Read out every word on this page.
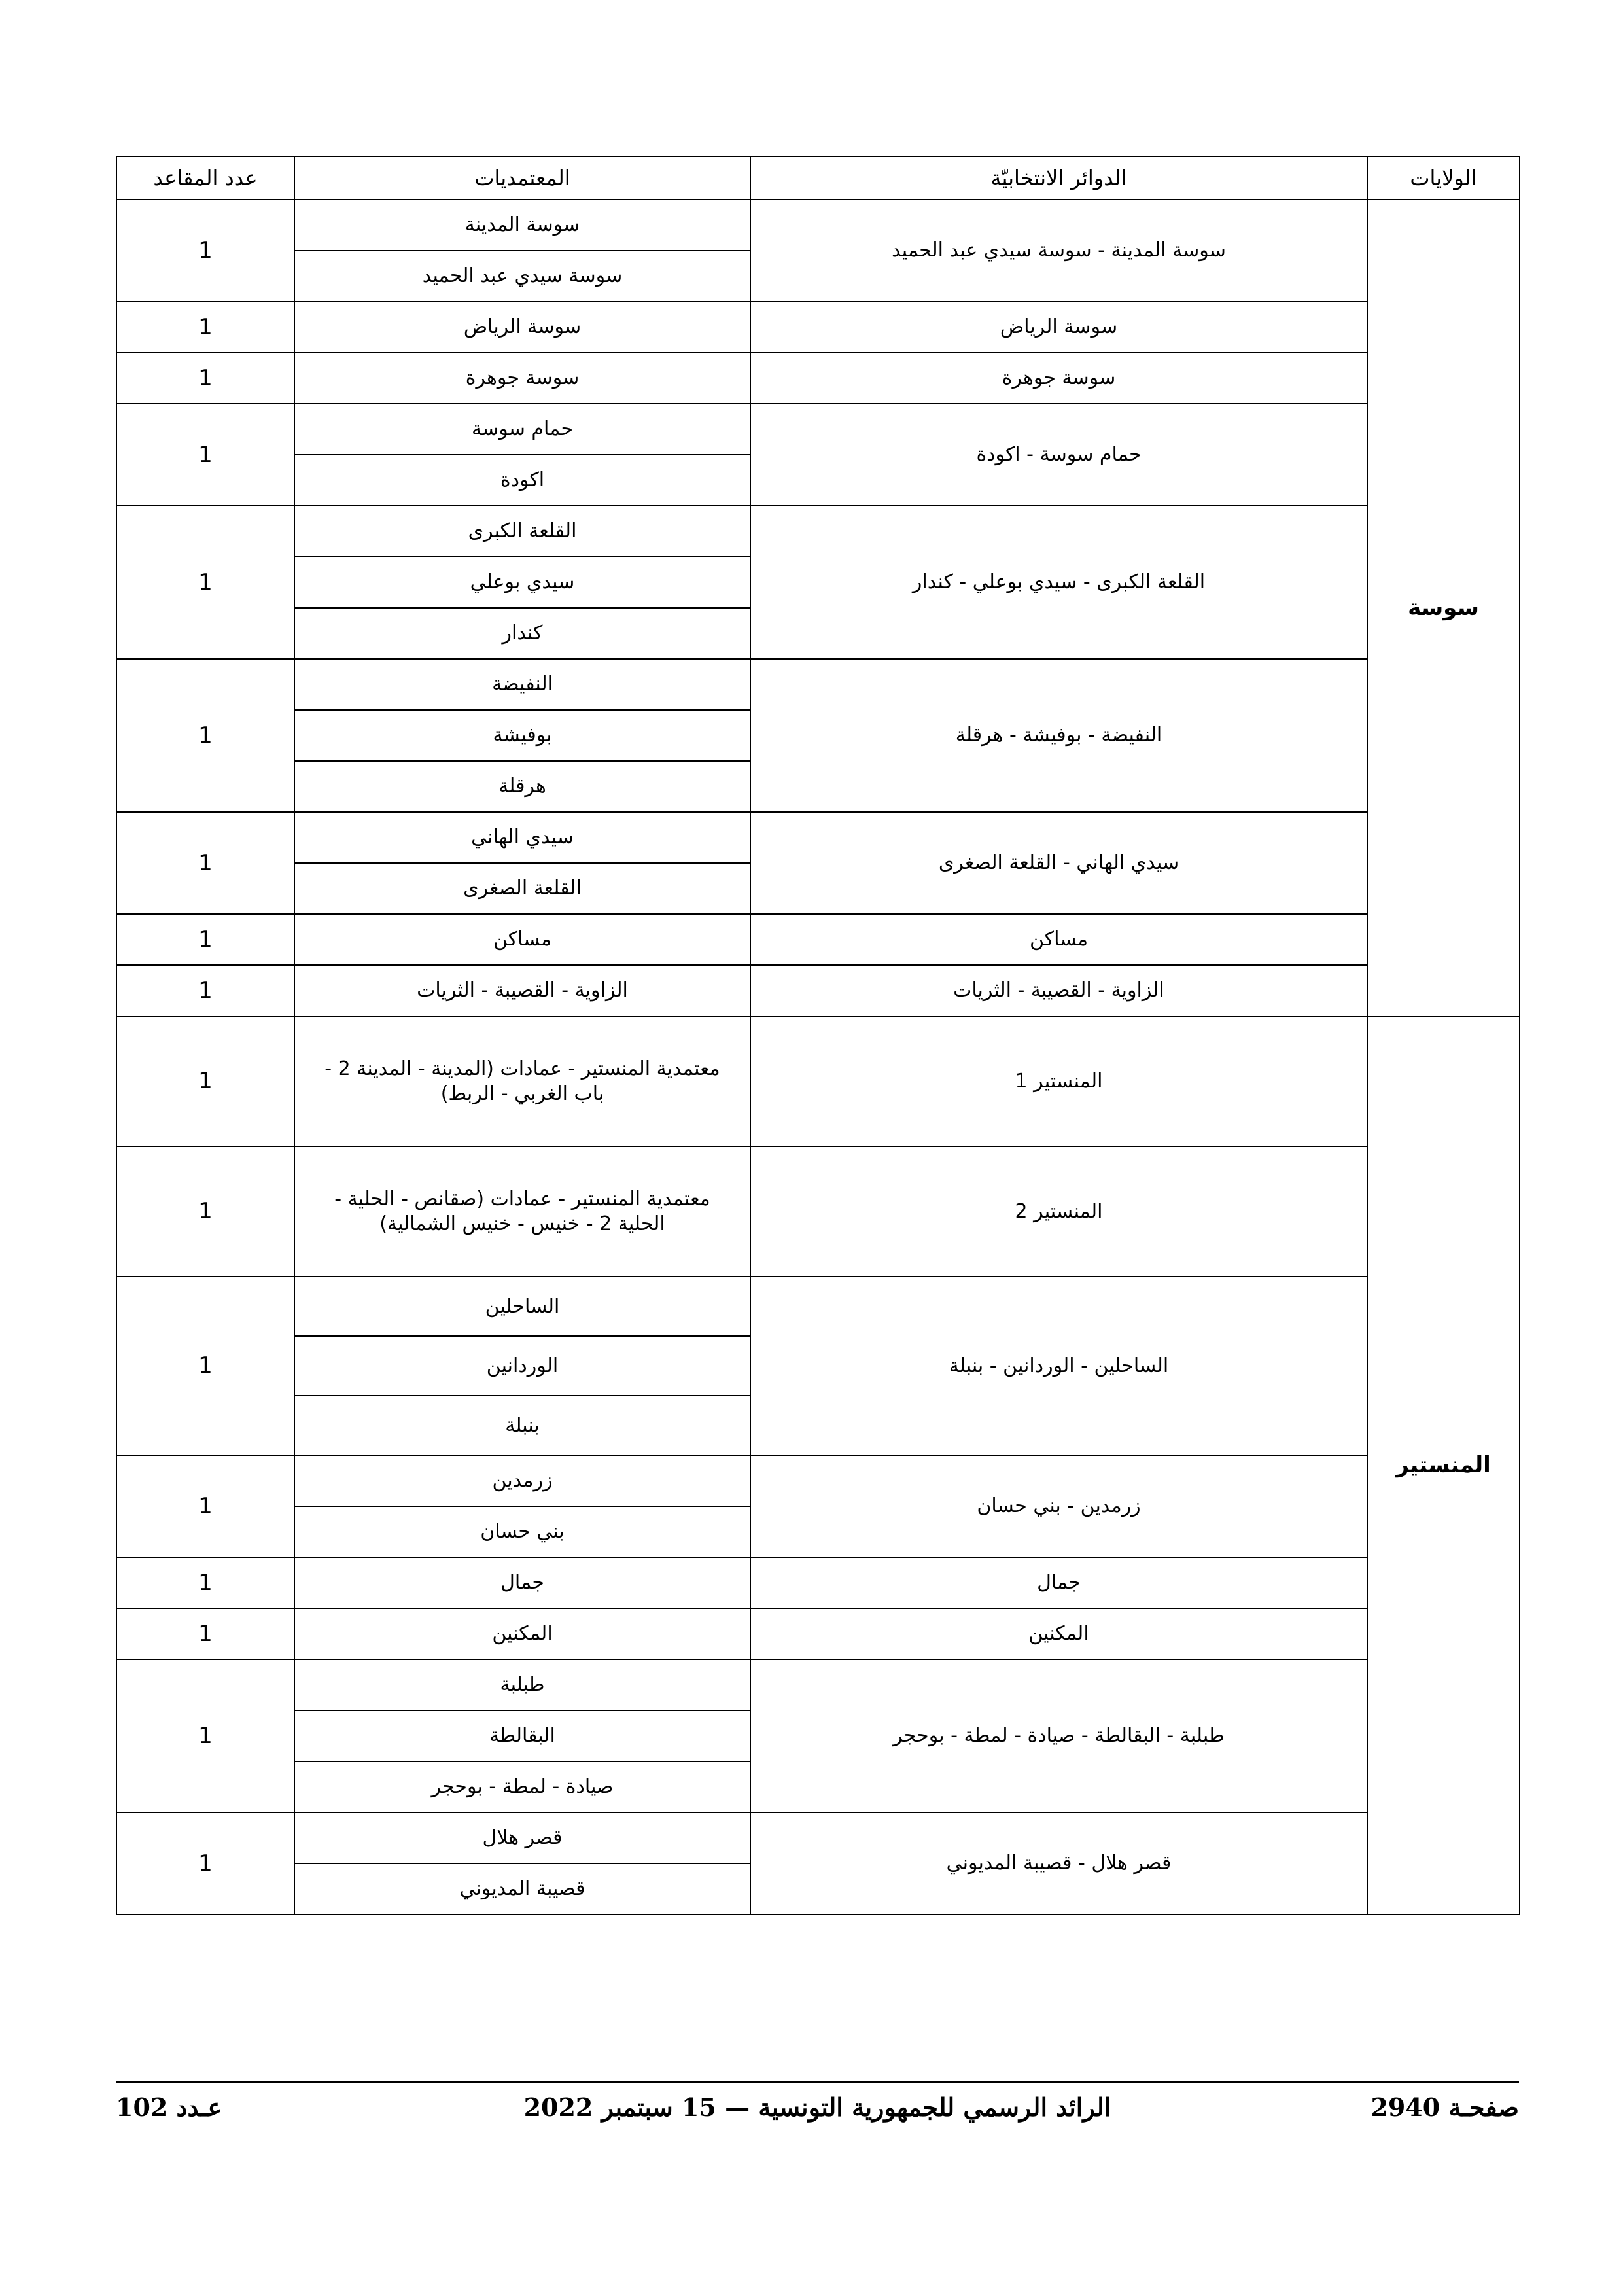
الولايات	الدوائر الانتخابيّة	المعتمديات	عدد المقاعد
سوسة	سوسة المدينة - سوسة سيدي عبد الحميد	سوسة المدينة	1
		سوسة سيدي عبد الحميد	
	سوسة الرياض	سوسة الرياض	1
	سوسة جوهرة	سوسة جوهرة	1
	حمام سوسة - اكودة	حمام سوسة	1
		اكودة	
	القلعة الكبرى - سيدي بوعلي - كندار	القلعة الكبرى	1
		سيدي بوعلي	
		كندار	
	النفيضة - بوفيشة - هرقلة	النفيضة	1
		بوفيشة	
		هرقلة	
	سيدي الهاني - القلعة الصغرى	سيدي الهاني	1
		القلعة الصغرى	
	مساكن	مساكن	1
	الزاوية - القصيبة - الثريات	الزاوية - القصيبة - الثريات	1
المنستير	المنستير 1	معتمدية المنستير - عمادات (المدينة - المدينة 2 - باب الغربي - الربط)	1
	المنستير 2	معتمدية المنستير - عمادات (صقانص - الحلية - الحلية 2 - خنيس - خنيس الشمالية)	1
	الساحلين - الوردانين - بنبلة	الساحلين	1
		الوردانين	
		بنبلة	
	زرمدين - بني حسان	زرمدين	1
		بني حسان	
	جمال	جمال	1
	المكنين	المكنين	1
	طبلبة - البقالطة - صيادة - لمطة - بوحجر	طبلبة	1
		البقالطة	
		صيادة - لمطة - بوحجر	
	قصر هلال - قصيبة المديوني	قصر هلال	1
		قصيبة المديوني	
صفحـة 2940
الرائد الرسمي للجمهورية التونسية — 15 سبتمبر 2022
عـدد 102
